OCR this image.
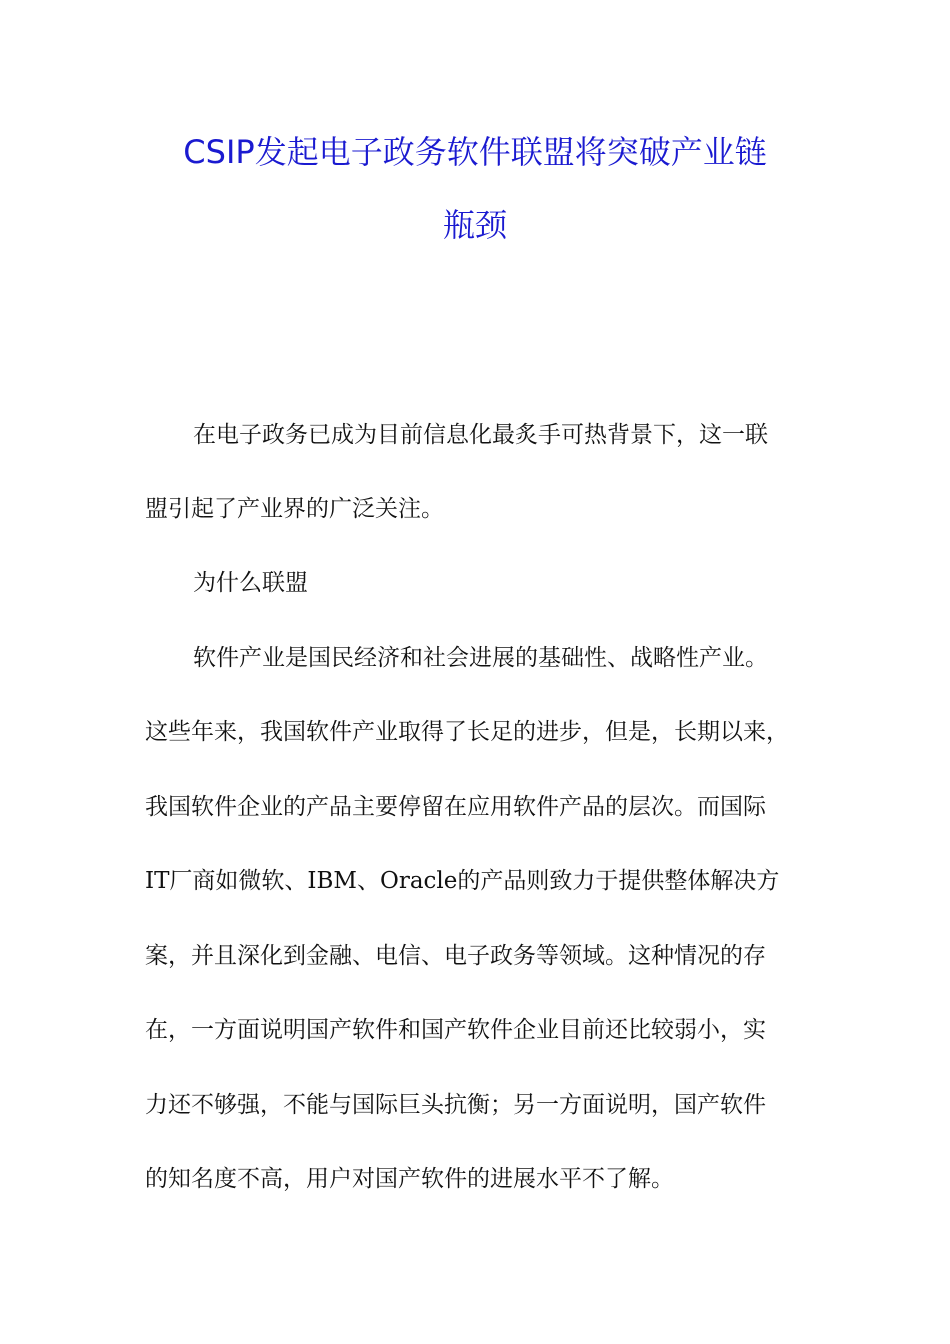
CSIP发起电子政务软件联盟将突破产业链
瓶颈
在电子政务已成为目前信息化最炙手可热背景下，这一联
盟引起了产业界的广泛关注。
为什么联盟
软件产业是国民经济和社会进展的基础性、战略性产业。
这些年来，我国软件产业取得了长足的进步，但是，长期以来，
我国软件企业的产品主要停留在应用软件产品的层次。而国际
IT厂商如微软、IBM、Oracle的产品则致力于提供整体解决方
案，并且深化到金融、电信、电子政务等领域。这种情况的存
在，一方面说明国产软件和国产软件企业目前还比较弱小，实
力还不够强，不能与国际巨头抗衡；另一方面说明，国产软件
的知名度不高，用户对国产软件的进展水平不了解。
